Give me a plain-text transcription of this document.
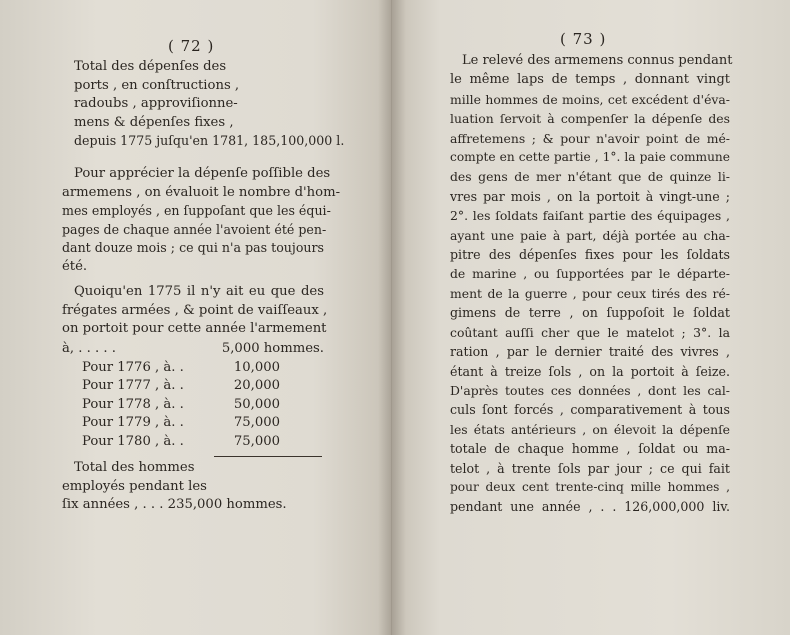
( 72 )
Total des dépenſes des
ports , en conſtructions ,
radoubs , approviſionne-
mens & dépenſes fixes ,
depuis 1775 juſqu'en 1781, 185,100,000 l.
Pour apprécier la dépenſe poſſible des
armemens , on évaluoit le nombre d'hom-
mes employés , en ſuppoſant que les équi-
pages de chaque année l'avoient été pen-
dant douze mois ; ce qui n'a pas toujours
été.
Quoiqu'en 1775 il n'y ait eu que des
frégates armées , & point de vaiſſeaux ,
on portoit pour cette année l'armement
à, . . . . .	5,000 hommes.
Pour 1776 , à. .	10,000
Pour 1777 , à. .	20,000
Pour 1778 , à. .	50,000
Pour 1779 , à. .	75,000
Pour 1780 , à. .	75,000
Total des hommes
employés pendant les
ſix années , . . . 235,000 hommes.
( 73 )
Le relevé des armemens connus pendant
le même laps de temps , donnant vingt
mille hommes de moins, cet excédent d'éva-
luation ſervoit à compenſer la dépenſe des
affretemens ; & pour n'avoir point de mé-
compte en cette partie , 1°. la paie commune
des gens de mer n'étant que de quinze li-
vres par mois , on la portoit à vingt-une ;
2°. les ſoldats faiſant partie des équipages ,
ayant une paie à part, déjà portée au cha-
pitre des dépenſes fixes pour les ſoldats
de marine , ou ſupportées par le départe-
ment de la guerre , pour ceux tirés des ré-
gimens de terre , on ſuppoſoit le ſoldat
coûtant auſſi cher que le matelot ; 3°. la
ration , par le dernier traité des vivres ,
étant à treize ſols , on la portoit à ſeize.
D'après toutes ces données , dont les cal-
culs ſont forcés , comparativement à tous
les états antérieurs , on élevoit la dépenſe
totale de chaque homme , ſoldat ou ma-
telot , à trente ſols par jour ; ce qui fait
pour deux cent trente-cinq mille hommes ,
pendant une année , . . 126,000,000 liv.
